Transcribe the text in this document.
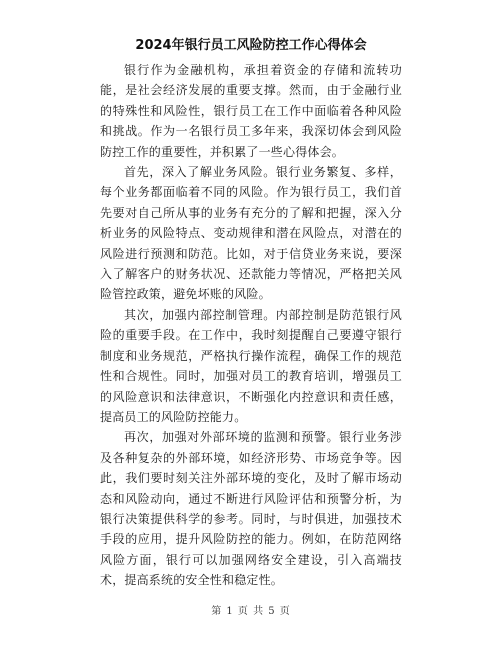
2024年银行员工风险防控工作心得体会

银行作为金融机构，承担着资金的存储和流转功能，是社会经济发展的重要支撑。然而，由于金融行业的特殊性和风险性，银行员工在工作中面临着各种风险和挑战。作为一名银行员工多年来，我深切体会到风险防控工作的重要性，并积累了一些心得体会。

首先，深入了解业务风险。银行业务繁复、多样，每个业务都面临着不同的风险。作为银行员工，我们首先要对自己所从事的业务有充分的了解和把握，深入分析业务的风险特点、变动规律和潜在风险点，对潜在的风险进行预测和防范。比如，对于信贷业务来说，要深入了解客户的财务状况、还款能力等情况，严格把关风险管控政策，避免坏账的风险。

其次，加强内部控制管理。内部控制是防范银行风险的重要手段。在工作中，我时刻提醒自己要遵守银行制度和业务规范，严格执行操作流程，确保工作的规范性和合规性。同时，加强对员工的教育培训，增强员工的风险意识和法律意识，不断强化内控意识和责任感，提高员工的风险防控能力。

再次，加强对外部环境的监测和预警。银行业务涉及各种复杂的外部环境，如经济形势、市场竞争等。因此，我们要时刻关注外部环境的变化，及时了解市场动态和风险动向，通过不断进行风险评估和预警分析，为银行决策提供科学的参考。同时，与时俱进，加强技术手段的应用，提升风险防控的能力。例如，在防范网络风险方面，银行可以加强网络安全建设，引入高端技术，提高系统的安全性和稳定性。

第 1 页 共 5 页
